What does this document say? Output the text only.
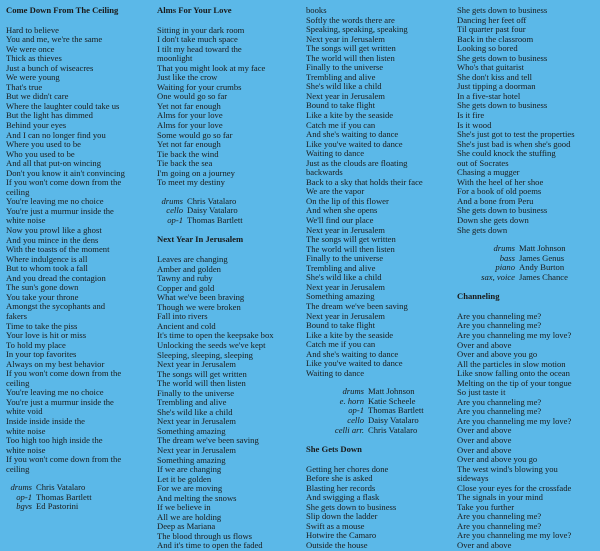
Come Down From The Ceiling
Hard to believe
You and me, we're the same
We were once
Thick as thieves
Just a bunch of wiseacres
We were young
That's true
But we didn't care
Where the laughter could take us
But the light has dimmed
Behind your eyes
And I can no longer find you
Where you used to be
Who you used to be
And all that put-on wincing
Don't you know it ain't convincing
If you won't come down from the
ceiling
You're leaving me no choice
You're just a murmur inside the
white noise
Now you prowl like a ghost
And you mince in the dens
With the toasts of the moment
Where indulgence is all
But to whom took a fall
And you dread the contagion
The sun's gone down
You take your throne
Amongst the sycophants and
fakers
Time to take the piss
Your love is hit or miss
To hold my place
In your top favorites
Always on my best behavior
If you won't come down from the
ceiling
You're leaving me no choice
You're just a murmur inside the
white void
Inside inside inside the
white noise
Too high too high inside the
white noise
If you won't come down from the
ceiling
drums Chris Vatalaro
op-1 Thomas Bartlett
bgvs Ed Pastorini
Alms For Your Love
Sitting in your dark room
I don't take much space
I tilt my head toward the
moonlight
That you might look at my face
Just like the crow
Waiting for your crumbs
One would go so far
Yet not far enough
Alms for your love
Alms for your love
Some would go so far
Yet not far enough
Tie back the wind
Tie back the sea
I'm going on a journey
To meet my destiny
drums Chris Vatalaro
cello Daisy Vatalaro
op-1 Thomas Bartlett
Next Year In Jerusalem
Leaves are changing
Amber and golden
Tawny and ruby
Copper and gold
What we've been braving
Though we were broken
Fall into rivers
Ancient and cold
It's time to open the keepsake box
Unlocking the seeds we've kept
Sleeping, sleeping, sleeping
Next year in Jerusalem
The songs will get written
The world will then listen
Finally to the universe
Trembling and alive
She's wild like a child
Next year in Jerusalem
Something amazing
The dream we've been saving
Next year in Jerusalem
Something amazing
If we are changing
Let it be golden
For we are moving
And melting the snows
If we believe in
All we are holding
Deep as Mariana
The blood through us flows
And it's time to open the faded
books
Softly the words there are
Speaking, speaking, speaking
Next year in Jerusalem
The songs will get written
The world will then listen
Finally to the universe
Trembling and alive
She's wild like a child
Next year in Jerusalem
Bound to take flight
Like a kite by the seaside
Catch me if you can
And she's waiting to dance
Like you've waited to dance
Waiting to dance
Just as the clouds are floating
backwards
Back to a sky that holds their face
We are the vapor
On the lip of this flower
And when she opens
We'll find our place
Next year in Jerusalem
The songs will get written
The world will then listen
Finally to the universe
Trembling and alive
She's wild like a child
Next year in Jerusalem
Something amazing
The dream we've been saving
Next year in Jerusalem
Bound to take flight
Like a kite by the seaside
Catch me if you can
And she's waiting to dance
Like you've waited to dance
Waiting to dance
drums Matt Johnson
e. horn Katie Scheele
op-1 Thomas Bartlett
cello Daisy Vatalaro
celli arr. Chris Vatalaro
She Gets Down
Getting her chores done
Before she is asked
Blasting her records
And swigging a flask
She gets down to business
Slip down the ladder
Swift as a mouse
Hotwire the Camaro
Outside the house
She gets down to business
Dancing her feet off
Til quarter past four
Back in the classroom
Looking so bored
She gets down to business
Who's that guitarist
She don't kiss and tell
Just tipping a doorman
In a five-star hotel
She gets down to business
Is it fire
Is it wood
She's just got to test the properties
She's just bad is when she's good
She could knock the stuffing
out of Socrates
Chasing a mugger
With the heel of her shoe
For a book of old poems
And a bone from Peru
She gets down to business
Down she gets down
She gets down
drums Matt Johnson
bass James Genus
piano Andy Burton
sax, voice James Chance
Channeling
Are you channeling me?
Are you channeling me?
Are you channeling me my love?
Over and above
Over and above you go
All the particles in slow motion
Like snow falling onto the ocean
Melting on the tip of your tongue
So just taste it
Are you channeling me?
Are you channeling me?
Are you channeling me my love?
Over and above
Over and above
Over and above
Over and above you go
The west wind's blowing you
sideways
Close your eyes for the crossfade
The signals in your mind
Take you further
Are you channeling me?
Are you channeling me?
Are you channeling me my love?
Over and above
